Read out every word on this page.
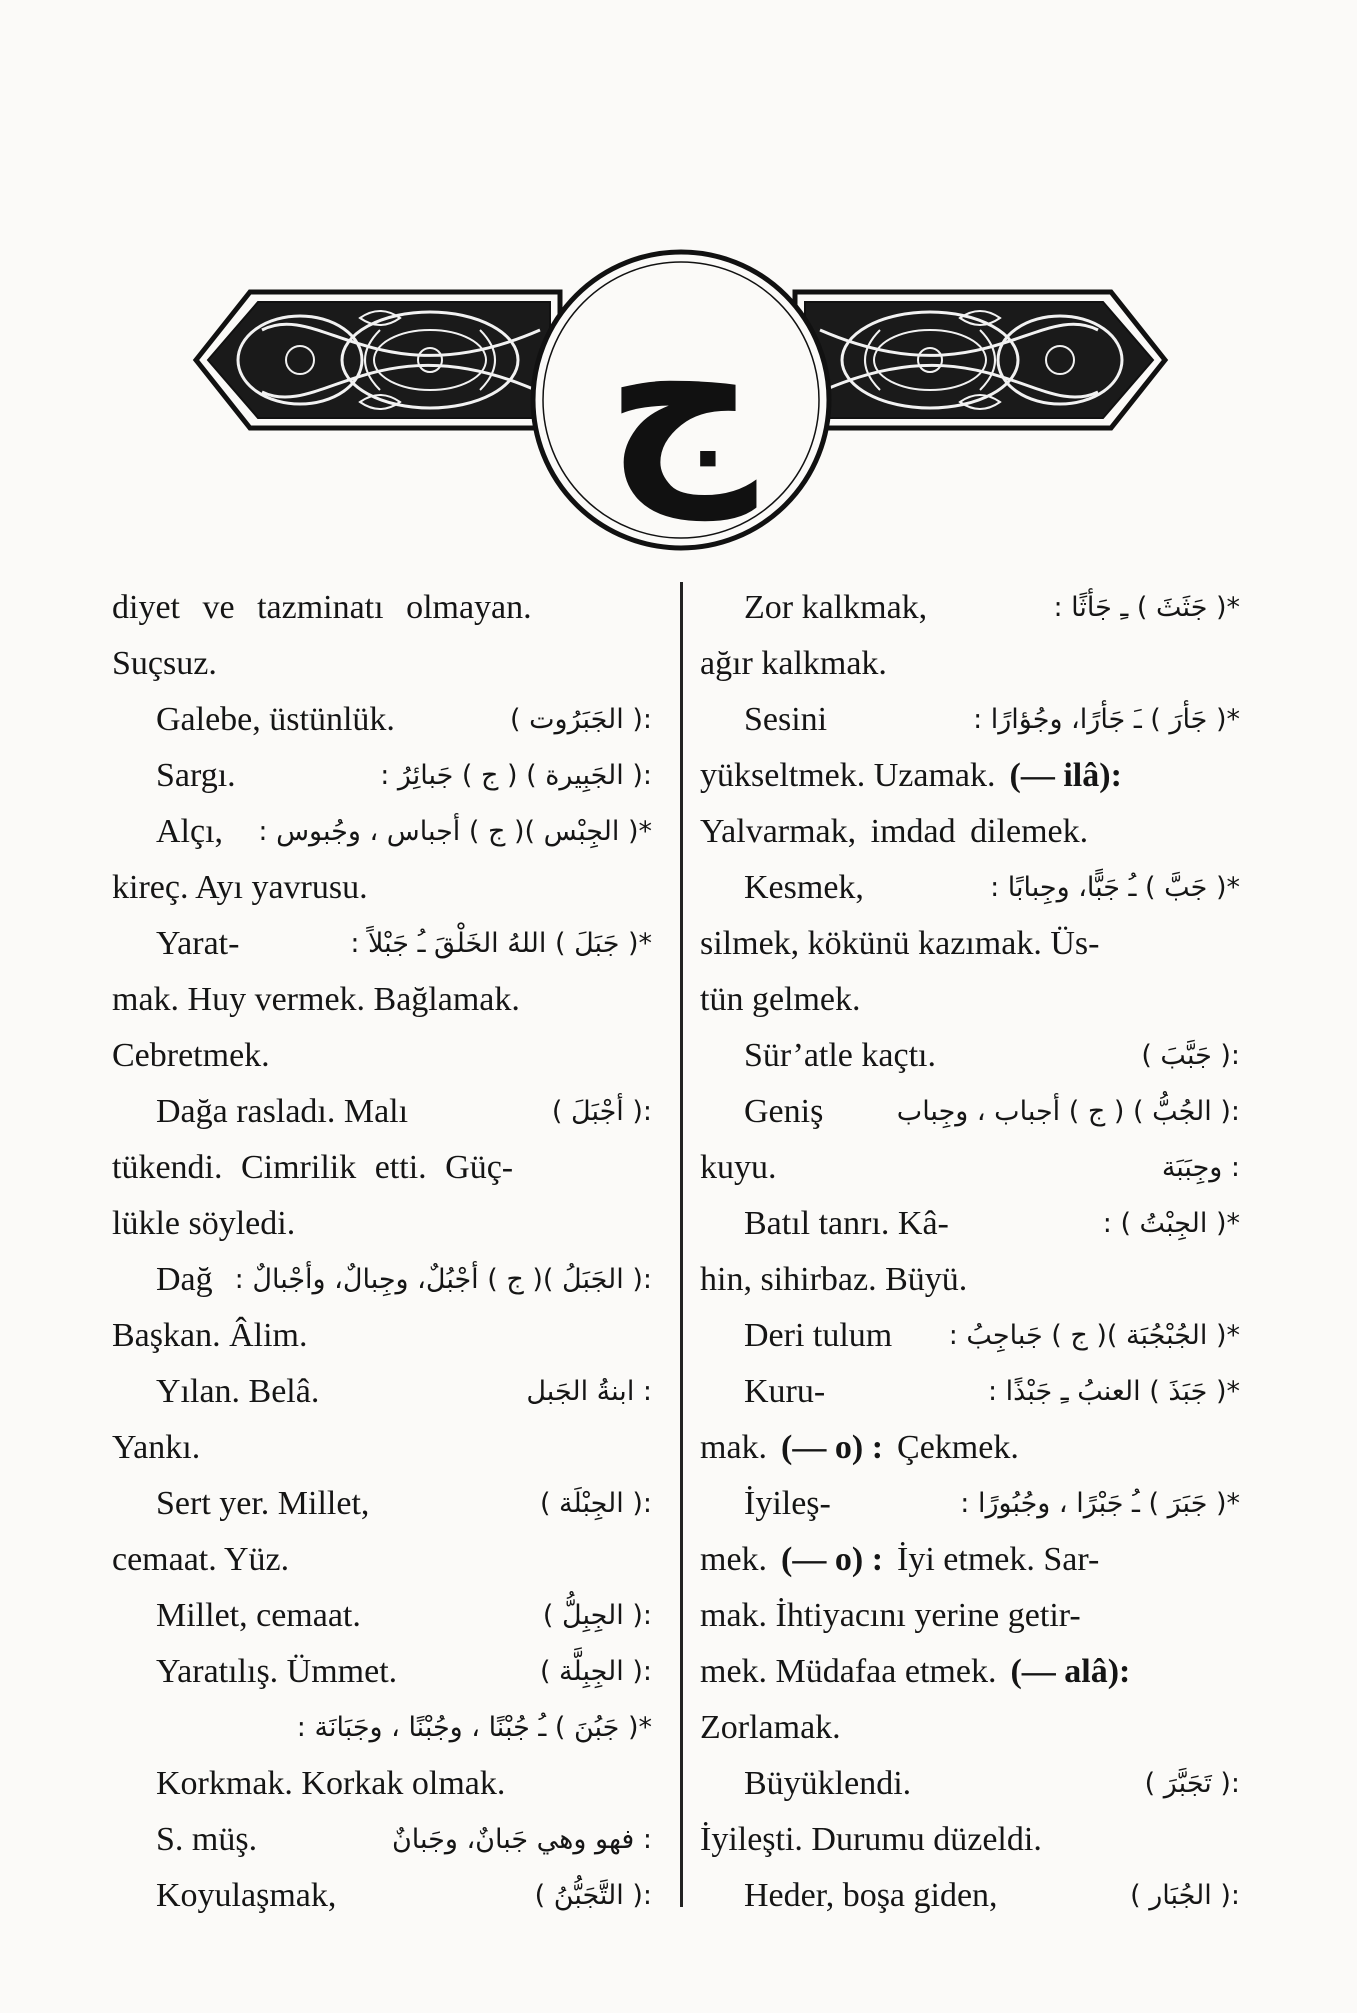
ج
diyet ve tazminatı olmayan.
Suçsuz.
Galebe, üstünlük.	:( الجَبَرُوت )
Sargı.	:( الجَبِيرة ) ( ج ) جَبائِرُ :
Alçı, *( الجِبْس )( ج ) أجباس ، وجُبوس :
kireç. Ayı yavrusu.
Yarat-	*( جَبَلَ ) اللهُ الخَلْقَ ـُ جَبْلاً :
mak. Huy vermek. Bağlamak.
Cebretmek.
Dağa rasladı. Malı	:( أجْبَلَ )
tükendi. Cimrilik etti. Güç-
lükle söyledi.
Dağ :( الجَبَلُ )( ج ) أجْبُلٌ، وجِبالٌ، وأجْبالٌ :
Başkan. Âlim.
Yılan. Belâ.	: ابنةُ الجَبل
Yankı.
Sert yer. Millet,	:( الجِبْلَة )
cemaat. Yüz.
Millet, cemaat.	:( الجِبِلُّ )
Yaratılış. Ümmet.	:( الجِبِلَّة )
*( جَبُنَ ) ـُ جُبْنًا ، وجُبْنًا ، وجَبَانَة :
Korkmak. Korkak olmak.
S. müş.	: فهو وهي جَبانٌ، وجَبانٌ
Koyulaşmak,	:( التَّجَبُّنُ )
Zor kalkmak,	*( جَثَثَ ) ـِ جَأثًا :
ağır kalkmak.
Sesini	*( جَأرَ ) ـَ جَأرًا، وجُؤارًا :
yükseltmek. Uzamak. (— ilâ):
Yalvarmak, imdad dilemek.
Kesmek,	*( جَبَّ ) ـُ جَبًّا، وجِبابًا :
silmek, kökünü kazımak. Üs-
tün gelmek.
Sür’atle kaçtı.	:( جَبَّبَ )
Geniş	:( الجُبُّ ) ( ج ) أجباب ، وجِباب
kuyu.	: وجِبَبَة
Batıl tanrı. Kâ-	*( الجِبْتُ ) :
hin, sihirbaz. Büyü.
Deri tulum *( الجُبْجُبَة )( ج ) جَباجِبُ :
Kuru-	*( جَبَذَ ) العنبُ ـِ جَبْذًا :
mak. (— o) : Çekmek.
İyileş-	*( جَبَرَ ) ـُ جَبْرًا ، وجُبُورًا :
mek. (— o) : İyi etmek. Sar-
mak. İhtiyacını yerine getir-
mek. Müdafaa etmek. (— alâ):
Zorlamak.
Büyüklendi.	:( تَجَبَّرَ )
İyileşti. Durumu düzeldi.
Heder, boşa giden,	:( الجُبَار )
